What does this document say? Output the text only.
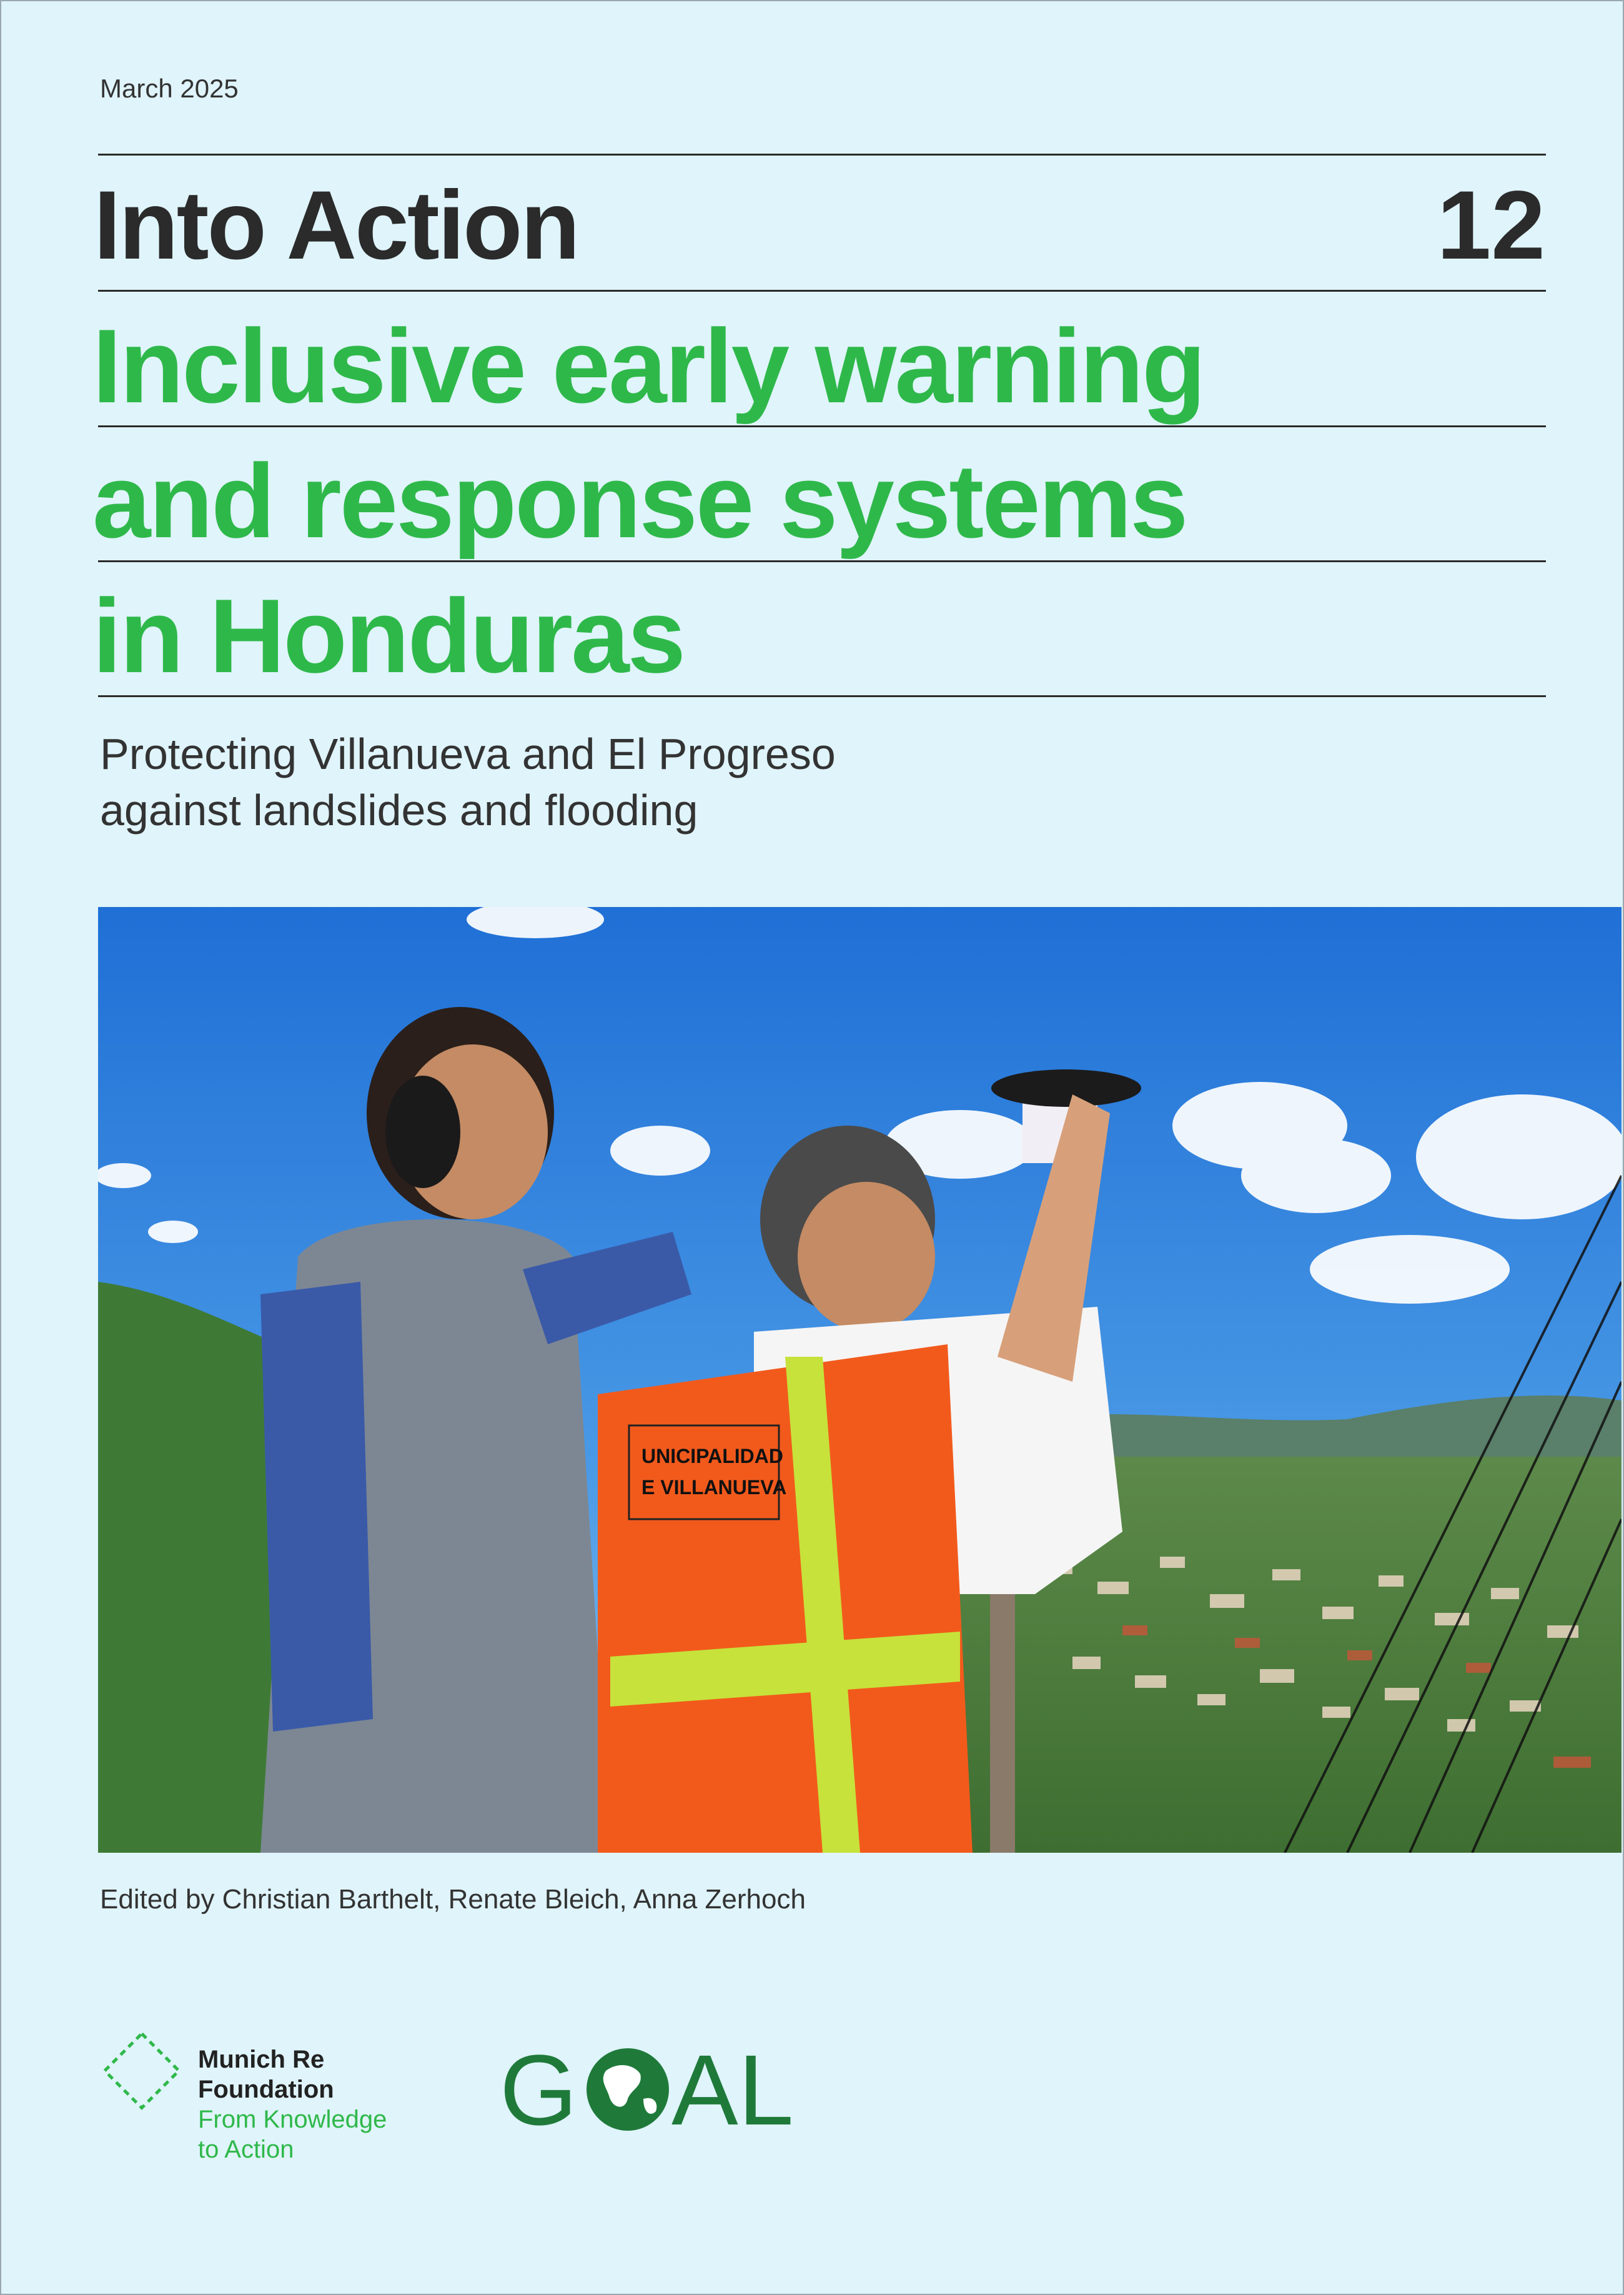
March 2025
Into Action	12
Inclusive early warning
and response systems
in Honduras
Protecting Villanueva and El Progreso
against landslides and flooding
UNICIPALIDAD
E VILLANUEVA
Edited by Christian Barthelt, Renate Bleich, Anna Zerhoch
Munich Re
Foundation
From Knowledge
to Action
G AL
